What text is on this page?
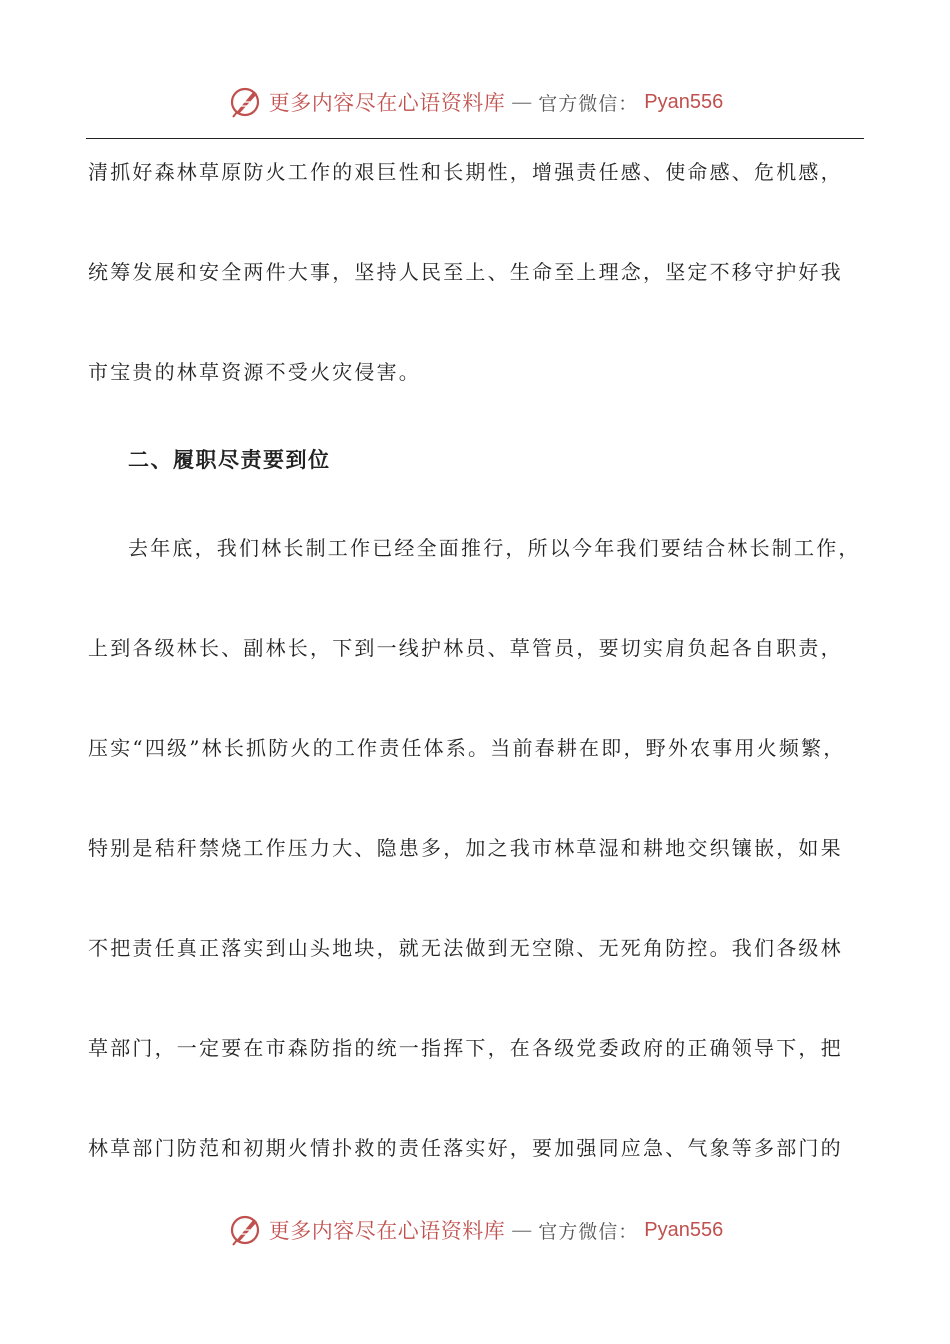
更多内容尽在心语资料库 — 官方微信： Pyan556
清抓好森林草原防火工作的艰巨性和长期性，增强责任感、使命感、危机感，
统筹发展和安全两件大事，坚持人民至上、生命至上理念，坚定不移守护好我
市宝贵的林草资源不受火灾侵害。
二、履职尽责要到位
去年底，我们林长制工作已经全面推行，所以今年我们要结合林长制工作，
上到各级林长、副林长，下到一线护林员、草管员，要切实肩负起各自职责，
压实“四级”林长抓防火的工作责任体系。当前春耕在即，野外农事用火频繁，
特别是秸秆禁烧工作压力大、隐患多，加之我市林草湿和耕地交织镶嵌，如果
不把责任真正落实到山头地块，就无法做到无空隙、无死角防控。我们各级林
草部门，一定要在市森防指的统一指挥下，在各级党委政府的正确领导下，把
林草部门防范和初期火情扑救的责任落实好，要加强同应急、气象等多部门的
更多内容尽在心语资料库 — 官方微信： Pyan556
